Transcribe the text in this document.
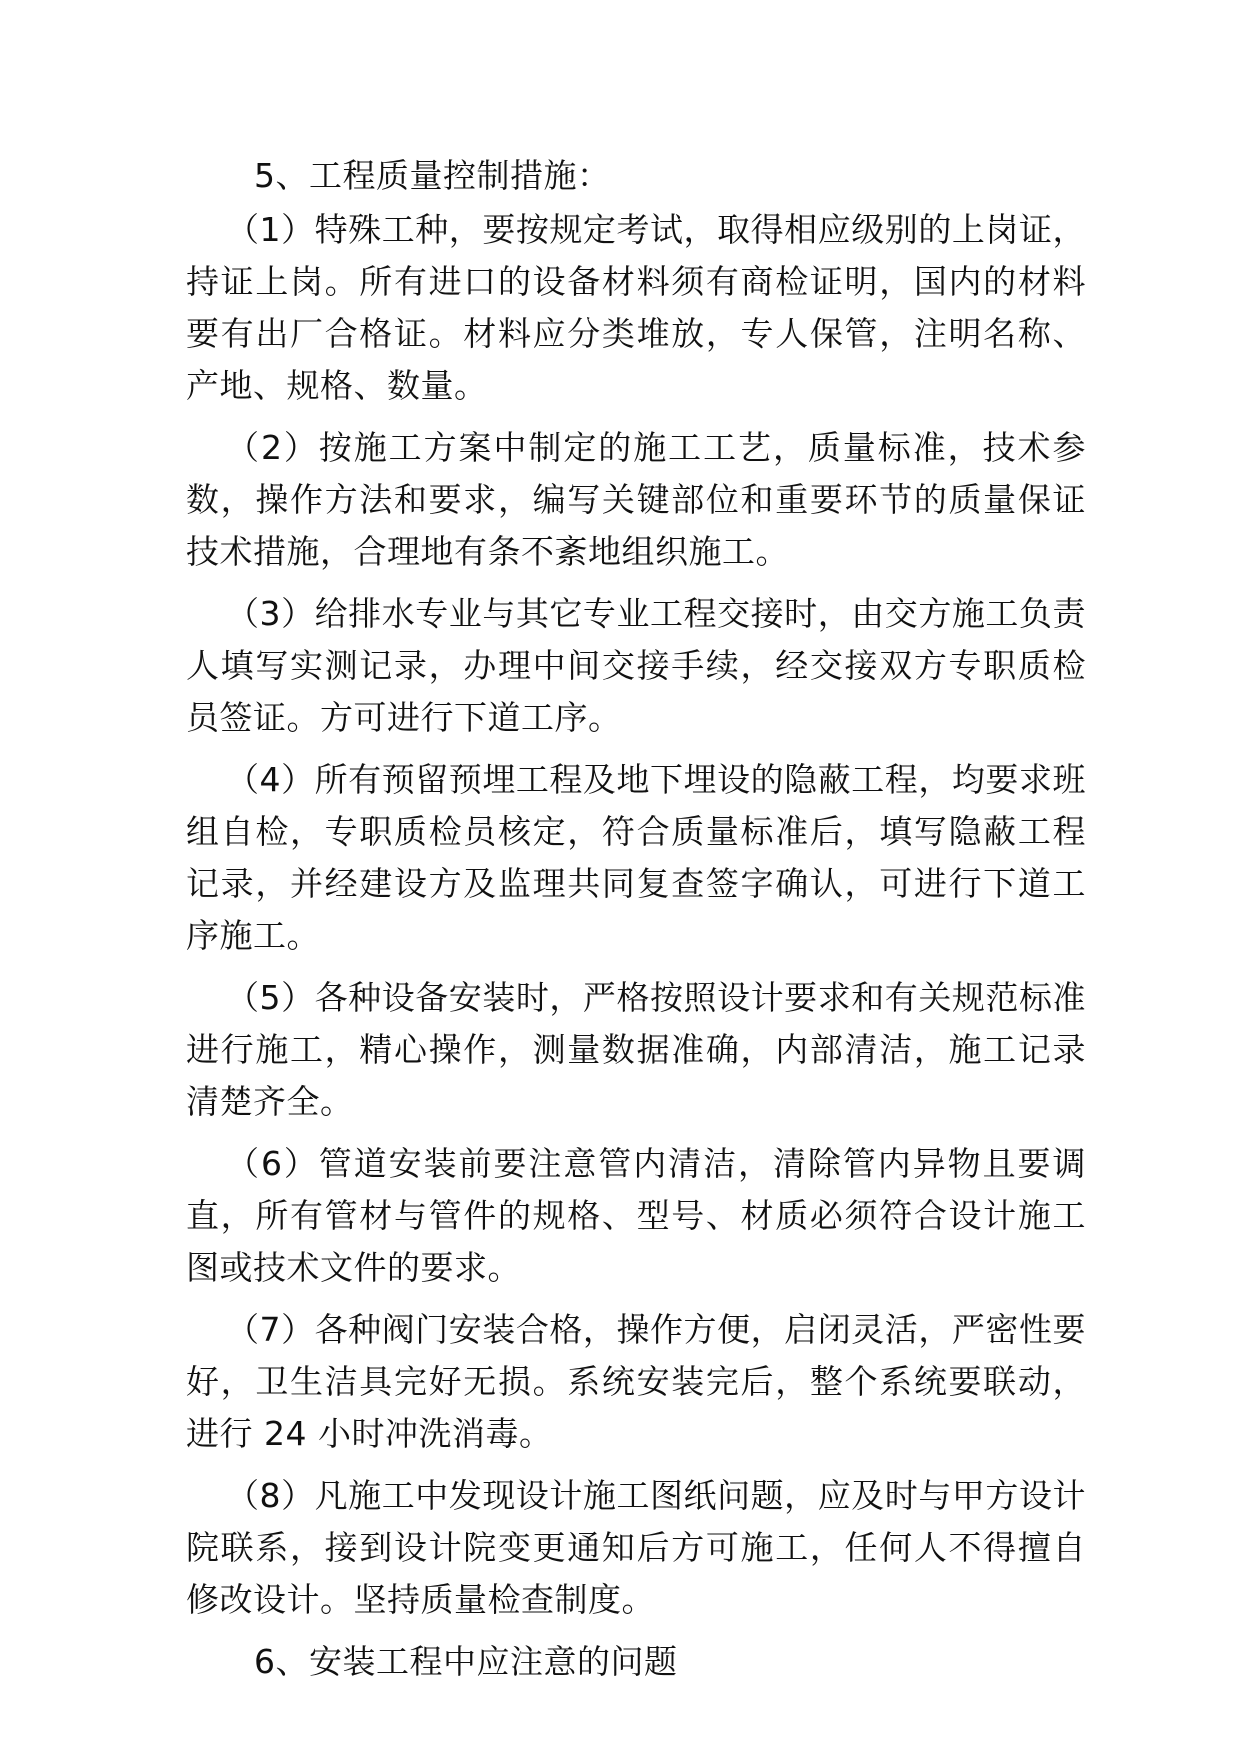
5、工程质量控制措施：

（1）特殊工种，要按规定考试，取得相应级别的上岗证，持证上岗。所有进口的设备材料须有商检证明，国内的材料要有出厂合格证。材料应分类堆放，专人保管，注明名称、产地、规格、数量。

（2）按施工方案中制定的施工工艺，质量标准，技术参数，操作方法和要求，编写关键部位和重要环节的质量保证技术措施，合理地有条不紊地组织施工。

（3）给排水专业与其它专业工程交接时，由交方施工负责人填写实测记录，办理中间交接手续，经交接双方专职质检员签证。方可进行下道工序。

（4）所有预留预埋工程及地下埋设的隐蔽工程，均要求班组自检，专职质检员核定，符合质量标准后，填写隐蔽工程记录，并经建设方及监理共同复查签字确认，可进行下道工序施工。

（5）各种设备安装时，严格按照设计要求和有关规范标准进行施工，精心操作，测量数据准确，内部清洁，施工记录清楚齐全。

（6）管道安装前要注意管内清洁，清除管内异物且要调直，所有管材与管件的规格、型号、材质必须符合设计施工图或技术文件的要求。

（7）各种阀门安装合格，操作方便，启闭灵活，严密性要好，卫生洁具完好无损。系统安装完后，整个系统要联动，进行 24 小时冲洗消毒。

（8）凡施工中发现设计施工图纸问题，应及时与甲方设计院联系，接到设计院变更通知后方可施工，任何人不得擅自修改设计。坚持质量检查制度。

6、安装工程中应注意的问题
